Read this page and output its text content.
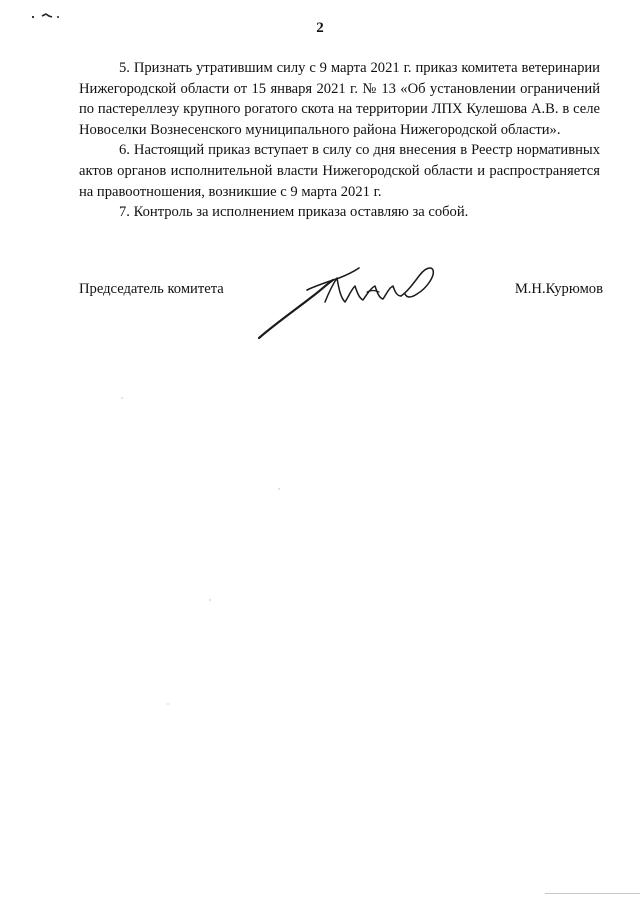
2

5. Признать утратившим силу с 9 марта 2021 г. приказ комитета ветеринарии Нижегородской области от 15 января 2021 г. № 13 «Об установлении ограничений по пастереллезу крупного рогатого скота на территории ЛПХ Кулешова А.В. в селе Новоселки Вознесенского муниципального района Нижегородской области».

6. Настоящий приказ вступает в силу со дня внесения в Реестр нормативных актов органов исполнительной власти Нижегородской области и распространяется на правоотношения, возникшие с 9 марта 2021 г.

7. Контроль за исполнением приказа оставляю за собой.

Председатель комитета	М.Н.Курюмов
